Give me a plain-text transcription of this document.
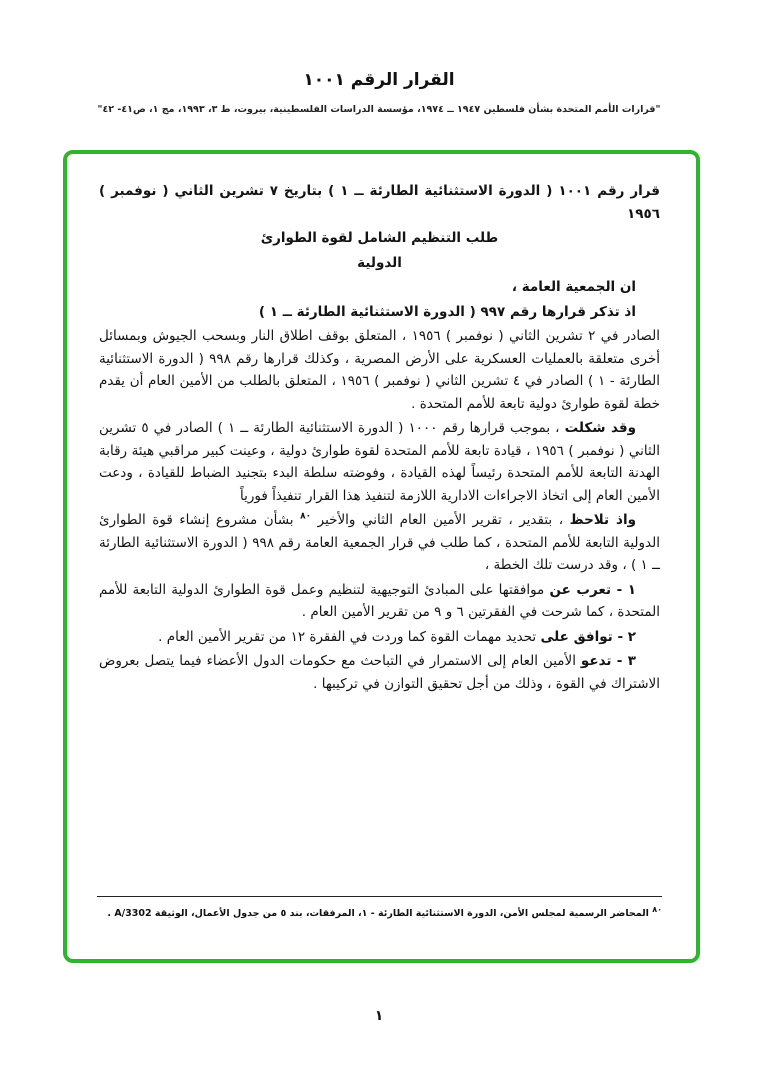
القرار الرقم ١٠٠١
"قرارات الأمم المتحدة بشأن فلسطين ١٩٤٧ ــ ١٩٧٤، مؤسسة الدراسات الفلسطينية، بيروت، ط ٣، ١٩٩٣، مج ١، ص٤١- ٤٢"

قرار رقم ١٠٠١ ( الدورة الاستثنائية الطارئة ــ ١ ) بتاريخ ٧ تشرين الثاني ( نوفمبر ) ١٩٥٦

طلب التنظيم الشامل لقوة الطوارئ

الدولية

ان الجمعية العامة ،

اذ تذكر قرارها رقم ٩٩٧ ( الدورة الاستثنائية الطارئة ــ ١ )

الصادر في ٢ تشرين الثاني ( نوفمبر ) ١٩٥٦ ، المتعلق بوقف اطلاق النار وبسحب الجيوش وبمسائل أخرى متعلقة بالعمليات العسكرية على الأرض المصرية ، وكذلك قرارها رقم ٩٩٨ ( الدورة الاستثنائية الطارئة - ١ ) الصادر في ٤ تشرين الثاني ( نوفمبر ) ١٩٥٦ ، المتعلق بالطلب من الأمين العام أن يقدم خطة لقوة طوارئ دولية تابعة للأمم المتحدة .

وقد شكلت ، بموجب قرارها رقم ١٠٠٠ ( الدورة الاستثنائية الطارئة ــ ١ ) الصادر في ٥ تشرين الثاني ( نوفمبر ) ١٩٥٦ ، قيادة تابعة للأمم المتحدة لقوة طوارئ دولية ، وعينت كبير مراقبي هيئة رقابة الهدنة التابعة للأمم المتحدة رئيساً لهذه القيادة ، وفوضته سلطة البدء بتجنيد الضباط للقيادة ، ودعت الأمين العام إلى اتخاذ الاجراءات الادارية اللازمة لتنفيذ هذا القرار تنفيذاً فورياً

واذ تلاحظ ، بتقدير ، تقرير الأمين العام الثاني والأخير $^{٨٠}$ بشأن مشروع إنشاء قوة الطوارئ الدولية التابعة للأمم المتحدة ، كما طلب في قرار الجمعية العامة رقم ٩٩٨ ( الدورة الاستثنائية الطارئة ــ ١ ) ، وقد درست تلك الخطة ،

١ - تعرب عن موافقتها على المبادئ التوجيهية لتنظيم وعمل قوة الطوارئ الدولية التابعة للأمم المتحدة ، كما شرحت في الفقرتين ٦ و ٩ من تقرير الأمين العام .

٢ - توافق على تحديد مهمات القوة كما وردت في الفقرة ١٢ من تقرير الأمين العام .

٣ - تدعو الأمين العام إلى الاستمرار في التباحث مع حكومات الدول الأعضاء فيما يتصل بعروض الاشتراك في القوة ، وذلك من أجل تحقيق التوازن في تركيبها .

$^{٨٠}$ المحاضر الرسمية لمجلس الأمن، الدورة الاستثنائية الطارئة - ١، المرفقات، بند ٥ من جدول الأعمال، الوثيقة A/3302 .
١
